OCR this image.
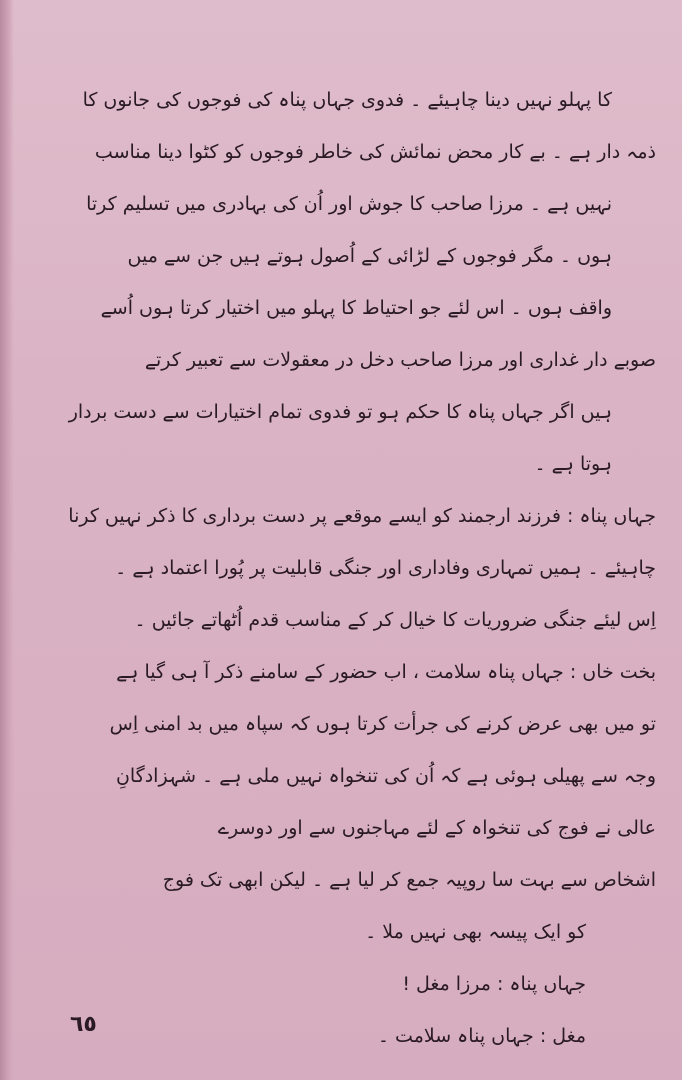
کا پہلو نہیں دینا چاہیئے ۔ فدوی جہاں پناہ کی فوجوں کی جانوں کا
ذمہ دار ہے ۔ بے کار محض نمائش کی خاطر فوجوں کو کٹوا دینا مناسب
نہیں ہے ۔ مرزا صاحب کا جوش اور اُن کی بہادری میں تسلیم کرتا
ہوں ۔ مگر فوجوں کے لڑائی کے اُصول ہوتے ہیں جن سے میں
واقف ہوں ۔ اس لئے جو احتیاط کا پہلو میں اختیار کرتا ہوں اُسے
صوبے دار غداری اور مرزا صاحب دخل در معقولات سے تعبیر کرتے
ہیں اگر جہاں پناہ کا حکم ہو تو فدوی تمام اختیارات سے دست بردار
ہوتا ہے ۔
جہاں پناہ : فرزند ارجمند کو ایسے موقعے پر دست برداری کا ذکر نہیں کرنا
چاہیئے ۔ ہمیں تمہاری وفاداری اور جنگی قابلیت پر پُورا اعتماد ہے ۔
اِس لیئے جنگی ضروریات کا خیال کر کے مناسب قدم اُٹھاتے جائیں ۔
بخت خاں : جہاں پناہ سلامت ، اب حضور کے سامنے ذکر آ ہی گیا ہے
تو میں بھی عرض کرنے کی جرأت کرتا ہوں کہ سپاہ میں بد امنی اِس
وجہ سے پھیلی ہوئی ہے کہ اُن کی تنخواہ نہیں ملی ہے ۔ شہزادگانِ
عالی نے فوج کی تنخواہ کے لئے مہاجنوں سے اور دوسرے
اشخاص سے بہت سا روپیہ جمع کر لیا ہے ۔ لیکن ابھی تک فوج
کو ایک پیسہ بھی نہیں ملا ۔
جہاں پناہ : مرزا مغل !
مغل : جہاں پناہ سلامت ۔
٦٥
